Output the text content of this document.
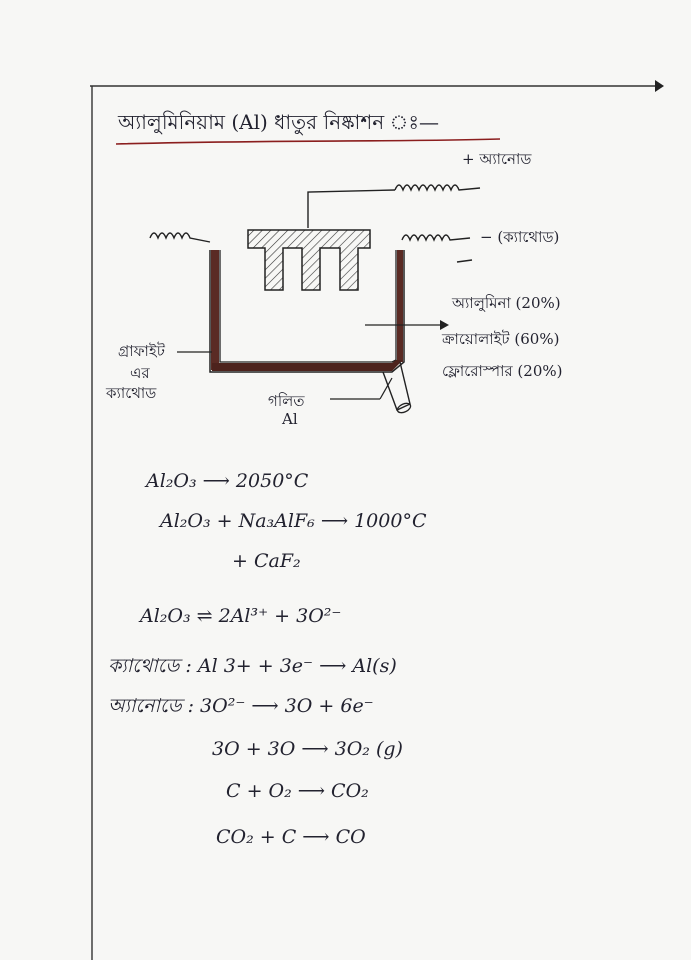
অ্যালুমিনিয়াম (Al) ধাতুর নিষ্কাশন ঃ—
+ অ্যানোড
− (ক্যাথোড)
অ্যালুমিনা (20%)
ক্রায়োলাইট (60%)
ফ্লোরোস্পার (20%)
গ্রাফাইট
এর
ক্যাথোড	গলিত
Al
Al₂O₃ ⟶ 2050°C
Al₂O₃ + Na₃AlF₆ ⟶ 1000°C
+ CaF₂
Al₂O₃ ⇌ 2Al³⁺ + 3O²⁻
ক্যাথোডে : Al 3+ + 3e⁻ ⟶ Al(s)
অ্যানোডে : 3O²⁻ ⟶ 3O + 6e⁻
3O + 3O ⟶ 3O₂ (g)
C + O₂ ⟶ CO₂
CO₂ + C ⟶ CO
